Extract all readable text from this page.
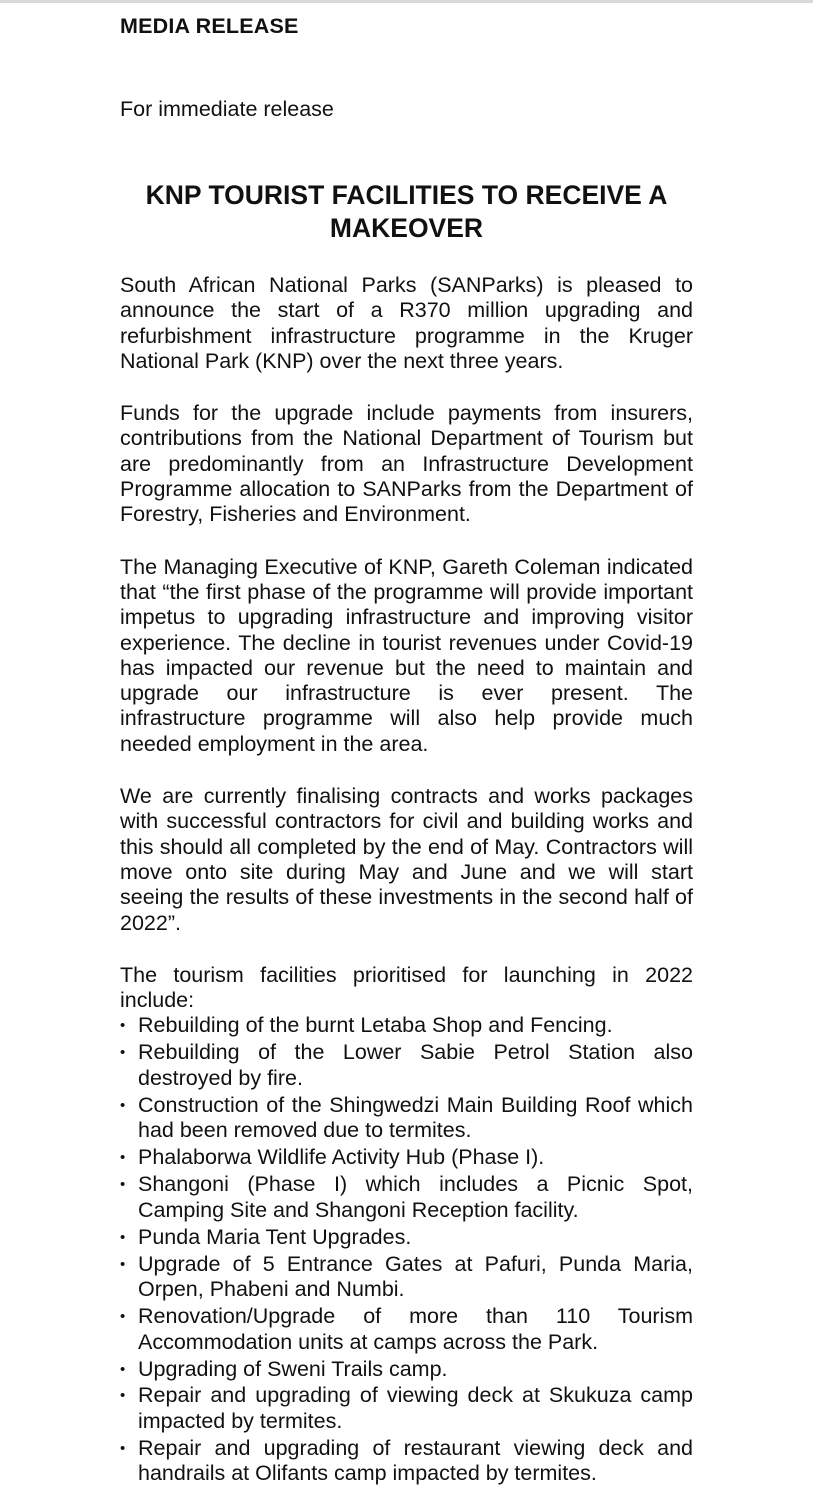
MEDIA RELEASE
For immediate release
KNP TOURIST FACILITIES TO RECEIVE A MAKEOVER

South African National Parks (SANParks) is pleased to announce the start of a R370 million upgrading and refurbishment infrastructure programme in the Kruger National Park (KNP) over the next three years.

Funds for the upgrade include payments from insurers, contributions from the National Department of Tourism but are predominantly from an Infrastructure Development Programme allocation to SANParks from the Department of Forestry, Fisheries and Environment.

The Managing Executive of KNP, Gareth Coleman indicated that “the first phase of the programme will provide important impetus to upgrading infrastructure and improving visitor experience. The decline in tourist revenues under Covid-19 has impacted our revenue but the need to maintain and upgrade our infrastructure is ever present. The infrastructure programme will also help provide much needed employment in the area.

We are currently finalising contracts and works packages with successful contractors for civil and building works and this should all completed by the end of May. Contractors will move onto site during May and June and we will start seeing the results of these investments in the second half of 2022”.

The tourism facilities prioritised for launching in 2022 include:

• Rebuilding of the burnt Letaba Shop and Fencing.
• Rebuilding of the Lower Sabie Petrol Station also destroyed by fire.
• Construction of the Shingwedzi Main Building Roof which had been removed due to termites.
• Phalaborwa Wildlife Activity Hub (Phase I).
• Shangoni (Phase I) which includes a Picnic Spot, Camping Site and Shangoni Reception facility.
• Punda Maria Tent Upgrades.
• Upgrade of 5 Entrance Gates at Pafuri, Punda Maria, Orpen, Phabeni and Numbi.
• Renovation/Upgrade of more than 110 Tourism Accommodation units at camps across the Park.
• Upgrading of Sweni Trails camp.
• Repair and upgrading of viewing deck at Skukuza camp impacted by termites.
• Repair and upgrading of restaurant viewing deck and handrails at Olifants camp impacted by termites.
